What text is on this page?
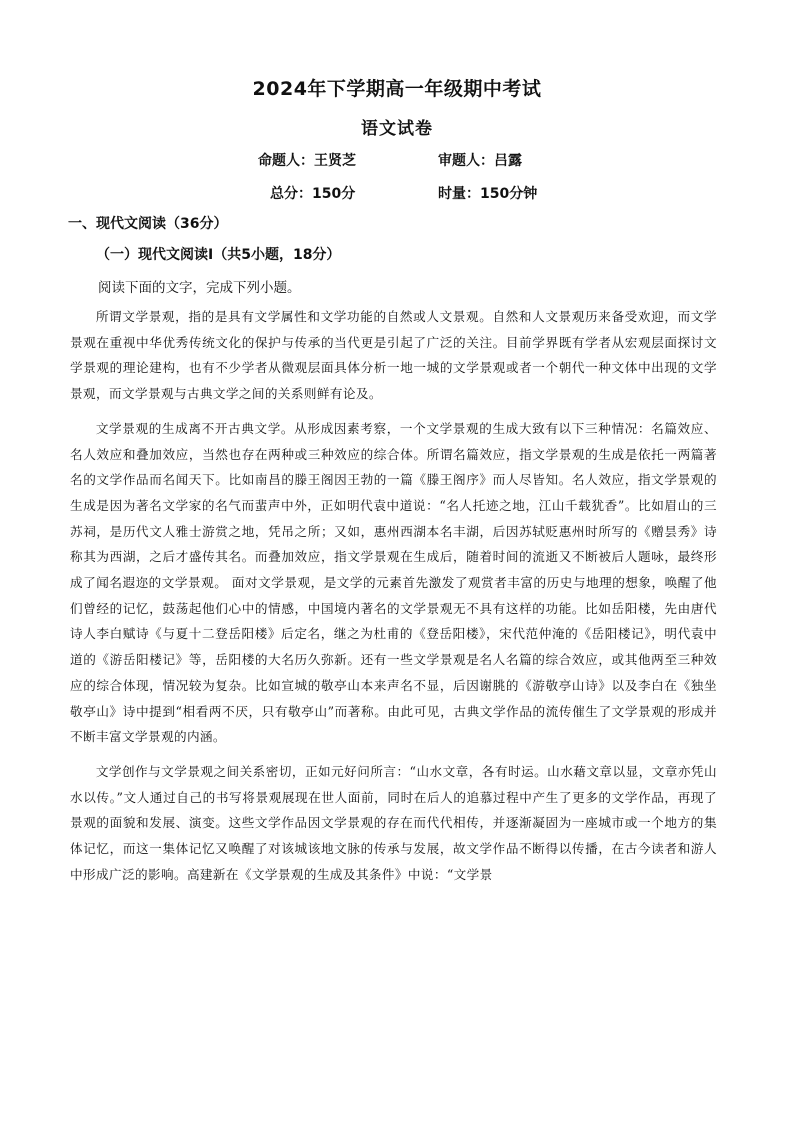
2024年下学期高一年级期中考试
语文试卷
命题人：王贤芝	审题人：吕露
总分：150分	时量：150分钟
一、现代文阅读（36分）
（一）现代文阅读Ⅰ（共5小题，18分）
阅读下面的文字，完成下列小题。

所谓文学景观，指的是具有文学属性和文学功能的自然或人文景观。自然和人文景观历来备受欢迎，而文学景观在重视中华优秀传统文化的保护与传承的当代更是引起了广泛的关注。目前学界既有学者从宏观层面探讨文学景观的理论建构，也有不少学者从微观层面具体分析一地一城的文学景观或者一个朝代一种文体中出现的文学景观，而文学景观与古典文学之间的关系则鲜有论及。

文学景观的生成离不开古典文学。从形成因素考察，一个文学景观的生成大致有以下三种情况：名篇效应、名人效应和叠加效应，当然也存在两种或三种效应的综合体。所谓名篇效应，指文学景观的生成是依托一两篇著名的文学作品而名闻天下。比如南昌的滕王阁因王勃的一篇《滕王阁序》而人尽皆知。名人效应，指文学景观的生成是因为著名文学家的名气而蜚声中外，正如明代袁中道说：“名人托迹之地，江山千载犹香”。比如眉山的三苏祠，是历代文人雅士游赏之地，凭吊之所；又如，惠州西湖本名丰湖，后因苏轼贬惠州时所写的《赠昙秀》诗称其为西湖，之后才盛传其名。而叠加效应，指文学景观在生成后，随着时间的流逝又不断被后人题咏，最终形成了闻名遐迩的文学景观。 面对文学景观，是文学的元素首先激发了观赏者丰富的历史与地理的想象，唤醒了他们曾经的记忆，鼓荡起他们心中的情感，中国境内著名的文学景观无不具有这样的功能。比如岳阳楼，先由唐代诗人李白赋诗《与夏十二登岳阳楼》后定名，继之为杜甫的《登岳阳楼》，宋代范仲淹的《岳阳楼记》，明代袁中道的《游岳阳楼记》等，岳阳楼的大名历久弥新。还有一些文学景观是名人名篇的综合效应，或其他两至三种效应的综合体现，情况较为复杂。比如宣城的敬亭山本来声名不显，后因谢朓的《游敬亭山诗》以及李白在《独坐敬亭山》诗中提到“相看两不厌，只有敬亭山”而著称。由此可见，古典文学作品的流传催生了文学景观的形成并不断丰富文学景观的内涵。

文学创作与文学景观之间关系密切，正如元好问所言：“山水文章，各有时运。山水藉文章以显，文章亦凭山水以传。”文人通过自己的书写将景观展现在世人面前，同时在后人的追慕过程中产生了更多的文学作品，再现了景观的面貌和发展、演变。这些文学作品因文学景观的存在而代代相传，并逐渐凝固为一座城市或一个地方的集体记忆，而这一集体记忆又唤醒了对该城该地文脉的传承与发展，故文学作品不断得以传播，在古今读者和游人中形成广泛的影响。高建新在《文学景观的生成及其条件》中说：“文学景
